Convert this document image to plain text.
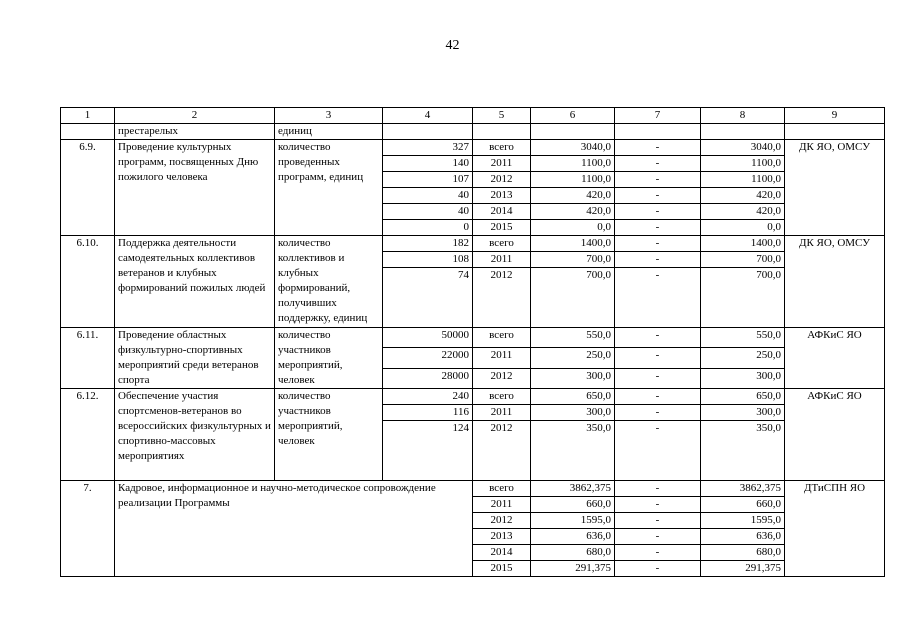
42
1	2	3	4	5	6	7	8	9
	престарелых	единиц						
6.9.	Проведение культурных программ, посвященных Дню пожилого человека	количество проведенных программ, единиц	327	всего	3040,0	-	3040,0	ДК ЯО, ОМСУ
			140	2011	1100,0	-	1100,0	
			107	2012	1100,0	-	1100,0	
			40	2013	420,0	-	420,0	
			40	2014	420,0	-	420,0	
			0	2015	0,0	-	0,0	
6.10.	Поддержка деятельности самодеятельных коллективов ветеранов и клубных формирований пожилых людей	количество коллективов и клубных формирований, получивших поддержку, единиц	182	всего	1400,0	-	1400,0	ДК ЯО, ОМСУ
			108	2011	700,0	-	700,0	
			74	2012	700,0	-	700,0	

6.11.	Проведение областных физкультурно-спортивных мероприятий среди ветеранов спорта	количество участников мероприятий, человек	50000	всего	550,0	-	550,0	АФКиС ЯО
			22000	2011	250,0	-	250,0	
			28000	2012	300,0	-	300,0	
6.12.	Обеспечение участия спортсменов-ветеранов во всероссийских физкультурных и спортивно-массовых мероприятиях	количество участников мероприятий, человек	240	всего	650,0	-	650,0	АФКиС ЯО
			116	2011	300,0	-	300,0	
			124	2012	350,0	-	350,0	

7.	Кадровое, информационное и научно-методическое сопровождение реализации Программы			всего	3862,375	-	3862,375	ДТиСПН ЯО
				2011	660,0	-	660,0	
				2012	1595,0	-	1595,0	
				2013	636,0	-	636,0	
				2014	680,0	-	680,0	
				2015	291,375	-	291,375	
